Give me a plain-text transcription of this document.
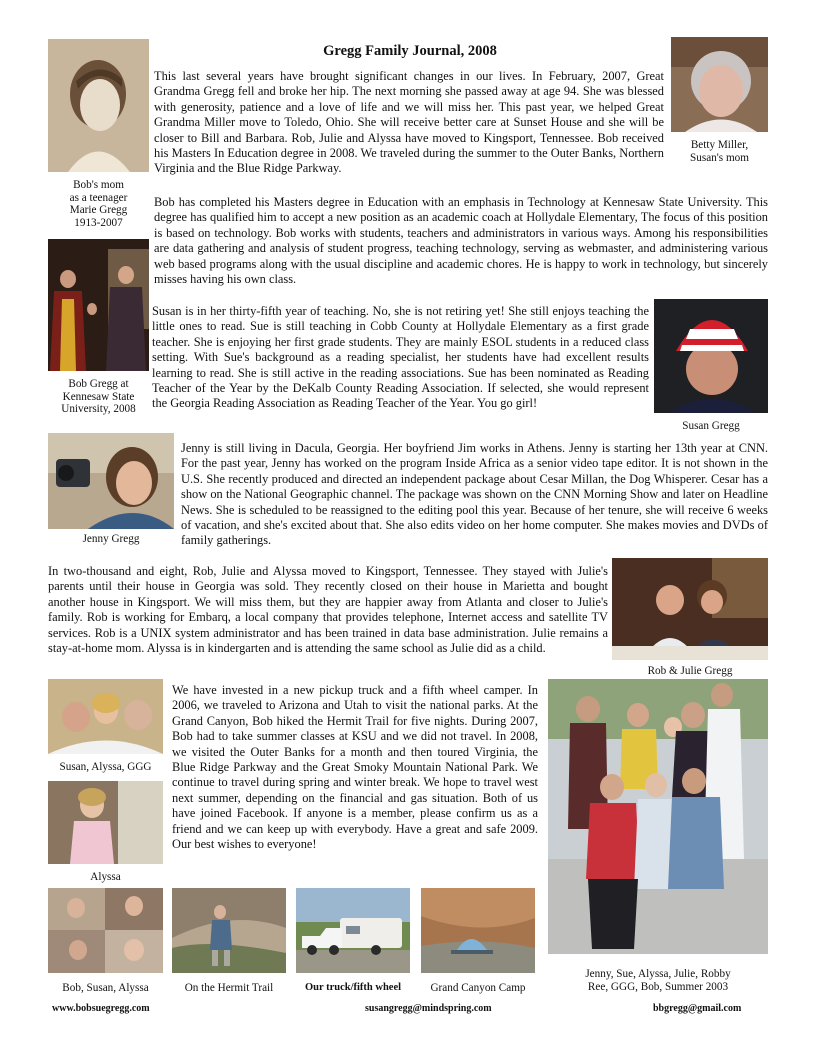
Gregg Family Journal, 2008
Bob's mom
as a teenager
Marie Gregg
1913-2007

This last several years have brought significant changes in our lives. In February, 2007, Great Grandma Gregg fell and broke her hip. The next morning she passed away at age 94. She was blessed with generosity, patience and a love of life and we will miss her. This past year, we helped Great Grandma Miller move to Toledo, Ohio. She will receive better care at Sunset House and she will be closer to Bill and Barbara. Rob, Julie and Alyssa have moved to Kingsport, Tennessee. Bob received his Masters In Education degree in 2008. We traveled during the summer to the Outer Banks, Northern Virginia and the Blue Ridge Parkway.

Betty Miller,
Susan's mom

Bob has completed his Masters degree in Education with an emphasis in Technology at Kennesaw State University. This degree has qualified him to accept a new position as an academic coach at Hollydale Elementary, The focus of this position is based on technology. Bob works with students, teachers and administrators in various ways. Among his responsibilities are data gathering and analysis of student progress, teaching technology, serving as webmaster, and administering various web based programs along with the usual discipline and academic chores. He is happy to work in technology, but sincerely misses having his own class.

Bob Gregg at
Kennesaw State
University, 2008

Susan is in her thirty-fifth year of teaching. No, she is not retiring yet! She still enjoys teaching the little ones to read. Sue is still teaching in Cobb County at Hollydale Elementary as a first grade teacher. She is enjoying her first grade students. They are mainly ESOL students in a reduced class setting. With Sue's background as a reading specialist, her students have had excellent results learning to read. She is still active in the reading associations. Sue has been nominated as Reading Teacher of the Year by the DeKalb County Reading Association. If selected, she would represent the Georgia Reading Association as Reading Teacher of the Year. You go girl!

Susan Gregg
Jenny Gregg

Jenny is still living in Dacula, Georgia. Her boyfriend Jim works in Athens. Jenny is starting her 13th year at CNN. For the past year, Jenny has worked on the program Inside Africa as a senior video tape editor. It is not shown in the U.S. She recently produced and directed an independent package about Cesar Millan, the Dog Whisperer. Cesar has a show on the National Geographic channel. The package was shown on the CNN Morning Show and later on Headline News. She is scheduled to be reassigned to the editing pool this year. Because of her tenure, she will receive 6 weeks of vacation, and she's excited about that. She also edits video on her home computer. She makes movies and DVDs of family gatherings.

In two-thousand and eight, Rob, Julie and Alyssa moved to Kingsport, Tennessee. They stayed with Julie's parents until their house in Georgia was sold. They recently closed on their house in Marietta and bought another house in Kingsport. We will miss them, but they are happier away from Atlanta and closer to Julie's family. Rob is working for Embarq, a local company that provides telephone, Internet access and satellite TV services. Rob is a UNIX system administrator and has been trained in data base administration. Julie remains a stay-at-home mom. Alyssa is in kindergarten and is attending the same school as Julie did as a child.

Rob & Julie Gregg
Susan, Alyssa, GGG
Alyssa

We have invested in a new pickup truck and a fifth wheel camper. In 2006, we traveled to Arizona and Utah to visit the national parks. At the Grand Canyon, Bob hiked the Hermit Trail for five nights. During 2007, Bob had to take summer classes at KSU and we did not travel. In 2008, we visited the Outer Banks for a month and then toured Virginia, the Blue Ridge Parkway and the Great Smoky Mountain National Park. We continue to travel during spring and winter break. We hope to travel west next summer, depending on the financial and gas situation. Both of us have joined Facebook. If anyone is a member, please confirm us as a friend and we can keep up with everybody. Have a great and safe 2009. Our best wishes to everyone!

Jenny, Sue, Alyssa, Julie, Robby
Ree, GGG, Bob, Summer 2003
Bob, Susan, Alyssa	On the Hermit Trail	Our truck/fifth wheel	Grand Canyon Camp
www.bobsuegregg.com	susangregg@mindspring.com	bbgregg@gmail.com
